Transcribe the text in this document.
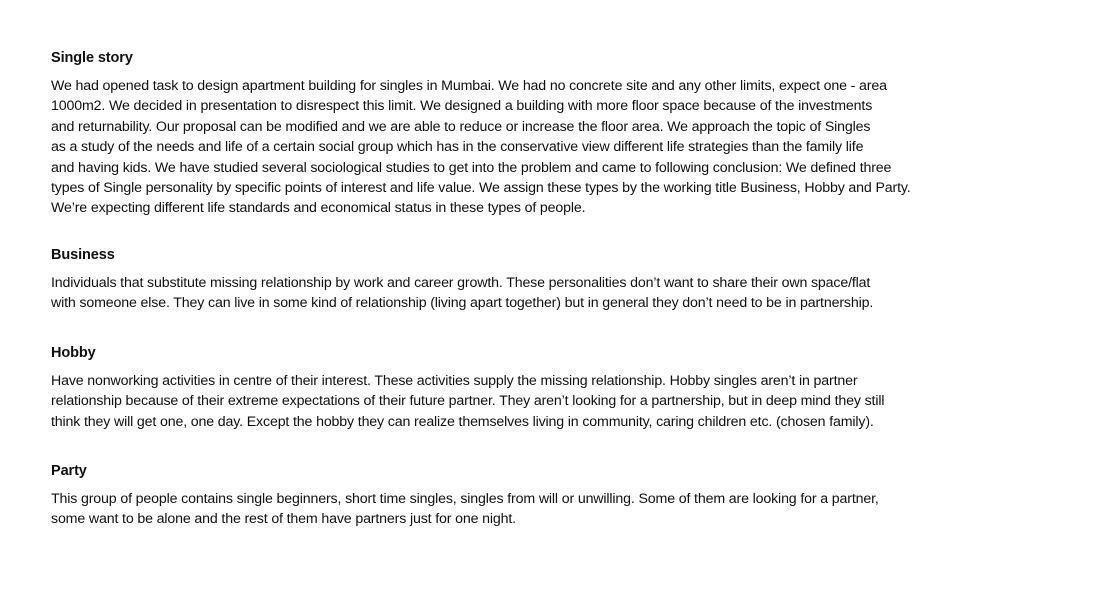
Single story

We had opened task to design apartment building for singles in Mumbai. We had no concrete site and any other limits, expect one - area
1000m2. We decided in presentation to disrespect this limit. We designed a building with more floor space because of the investments
and returnability. Our proposal can be modified and we are able to reduce or increase the floor area. We approach the topic of Singles
as a study of the needs and life of a certain social group which has in the conservative view different life strategies than the family life
and having kids. We have studied several sociological studies to get into the problem and came to following conclusion: We defined three
types of Single personality by specific points of interest and life value. We assign these types by the working title Business, Hobby and Party.
We’re expecting different life standards and economical status in these types of people.

Business

Individuals that substitute missing relationship by work and career growth. These personalities don’t want to share their own space/flat
with someone else. They can live in some kind of relationship (living apart together) but in general they don’t need to be in partnership.

Hobby

Have nonworking activities in centre of their interest. These activities supply the missing relationship. Hobby singles aren’t in partner
relationship because of their extreme expectations of their future partner. They aren’t looking for a partnership, but in deep mind they still
think they will get one, one day. Except the hobby they can realize themselves living in community, caring children etc. (chosen family).

Party

This group of people contains single beginners, short time singles, singles from will or unwilling. Some of them are looking for a partner,
some want to be alone and the rest of them have partners just for one night.
